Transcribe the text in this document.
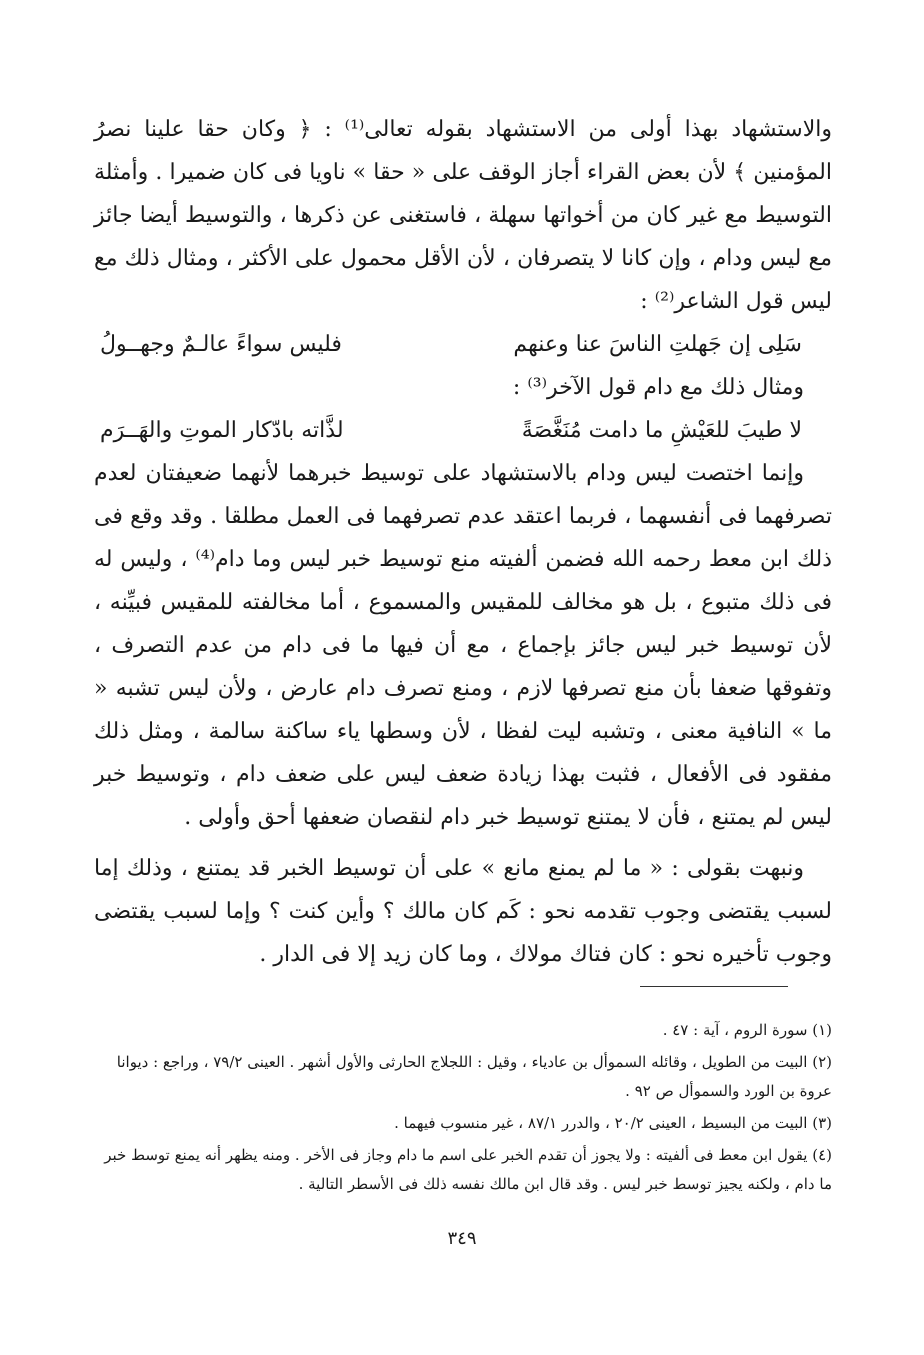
والاستشهاد بهذا أولى من الاستشهاد بقوله تعالى⁽¹⁾ : ﴿ وكان حقا علينا نصرُ المؤمنين ﴾ لأن بعض القراء أجاز الوقف على « حقا » ناويا فى كان ضميرا . وأمثلة التوسيط مع غير كان من أخواتها سهلة ، فاستغنى عن ذكرها ، والتوسيط أيضا جائز مع ليس ودام ، وإن كانا لا يتصرفان ، لأن الأقل محمول على الأكثر ، ومثال ذلك مع ليس قول الشاعر⁽²⁾ :

سَلِى إن جَهلتِ الناسَ عنا وعنهم
فليس سواءً عالـمٌ وجهــولُ

ومثال ذلك مع دام قول الآخر⁽³⁾ :

لا طيبَ للعَيْشِ ما دامت مُنَغَّصَةً
لذَّاته بادّكار الموتِ والهَــرَم

وإنما اختصت ليس ودام بالاستشهاد على توسيط خبرهما لأنهما ضعيفتان لعدم تصرفهما فى أنفسهما ، فربما اعتقد عدم تصرفهما فى العمل مطلقا . وقد وقع فى ذلك ابن معط رحمه الله فضمن ألفيته منع توسيط خبر ليس وما دام⁽⁴⁾ ، وليس له فى ذلك متبوع ، بل هو مخالف للمقيس والمسموع ، أما مخالفته للمقيس فبيِّنه ، لأن توسيط خبر ليس جائز بإجماع ، مع أن فيها ما فى دام من عدم التصرف ، وتفوقها ضعفا بأن منع تصرفها لازم ، ومنع تصرف دام عارض ، ولأن ليس تشبه « ما » النافية معنى ، وتشبه ليت لفظا ، لأن وسطها ياء ساكنة سالمة ، ومثل ذلك مفقود فى الأفعال ، فثبت بهذا زيادة ضعف ليس على ضعف دام ، وتوسيط خبر ليس لم يمتنع ، فأن لا يمتنع توسيط خبر دام لنقصان ضعفها أحق وأولى .

ونبهت بقولى : « ما لم يمنع مانع » على أن توسيط الخبر قد يمتنع ، وذلك إما لسبب يقتضى وجوب تقدمه نحو : كَم كان مالك ؟ وأين كنت ؟ وإما لسبب يقتضى وجوب تأخيره نحو : كان فتاك مولاك ، وما كان زيد إلا فى الدار .

(١) سورة الروم ، آية : ٤٧ .

(٢) البيت من الطويل ، وقائله السموأل بن عادياء ، وقيل : اللجلاج الحارثى والأول أشهر . العينى ٧٩/٢ ، وراجع : ديوانا عروة بن الورد والسموأل ص ٩٢ .

(٣) البيت من البسيط ، العينى ٢٠/٢ ، والدرر ٨٧/١ ، غير منسوب فيهما .

(٤) يقول ابن معط فى ألفيته : ولا يجوز أن تقدم الخبر على اسم ما دام وجاز فى الأخر . ومنه يظهر أنه يمنع توسط خبر ما دام ، ولكنه يجيز توسط خبر ليس . وقد قال ابن مالك نفسه ذلك فى الأسطر التالية .

٣٤٩
